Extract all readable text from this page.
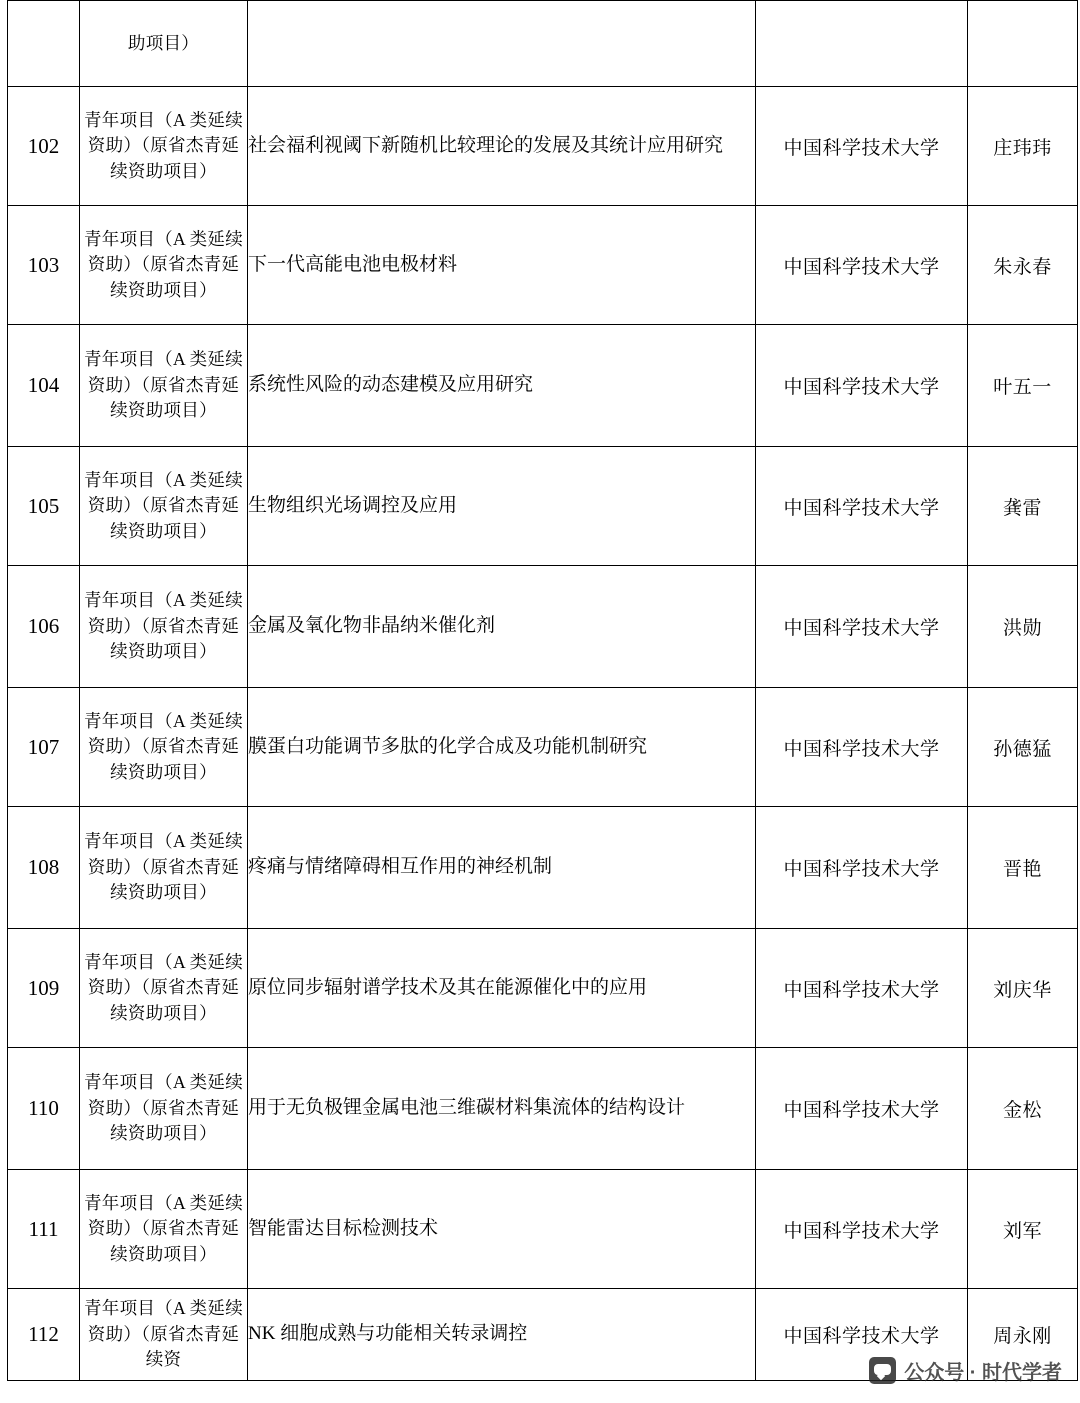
	助项目）			
102	青年项目（A 类延续资助）（原省杰青延续资助项目）	社会福利视阈下新随机比较理论的发展及其统计应用研究	中国科学技术大学	庄玮玮
103	青年项目（A 类延续资助）（原省杰青延续资助项目）	下一代高能电池电极材料	中国科学技术大学	朱永春
104	青年项目（A 类延续资助）（原省杰青延续资助项目）	系统性风险的动态建模及应用研究	中国科学技术大学	叶五一
105	青年项目（A 类延续资助）（原省杰青延续资助项目）	生物组织光场调控及应用	中国科学技术大学	龚雷
106	青年项目（A 类延续资助）（原省杰青延续资助项目）	金属及氧化物非晶纳米催化剂	中国科学技术大学	洪勋
107	青年项目（A 类延续资助）（原省杰青延续资助项目）	膜蛋白功能调节多肽的化学合成及功能机制研究	中国科学技术大学	孙德猛
108	青年项目（A 类延续资助）（原省杰青延续资助项目）	疼痛与情绪障碍相互作用的神经机制	中国科学技术大学	晋艳
109	青年项目（A 类延续资助）（原省杰青延续资助项目）	原位同步辐射谱学技术及其在能源催化中的应用	中国科学技术大学	刘庆华
110	青年项目（A 类延续资助）（原省杰青延续资助项目）	用于无负极锂金属电池三维碳材料集流体的结构设计	中国科学技术大学	金松
111	青年项目（A 类延续资助）（原省杰青延续资助项目）	智能雷达目标检测技术	中国科学技术大学	刘军
112	青年项目（A 类延续资助）（原省杰青延续资	NK 细胞成熟与功能相关转录调控	中国科学技术大学	周永刚
公众号 · 时代学者
